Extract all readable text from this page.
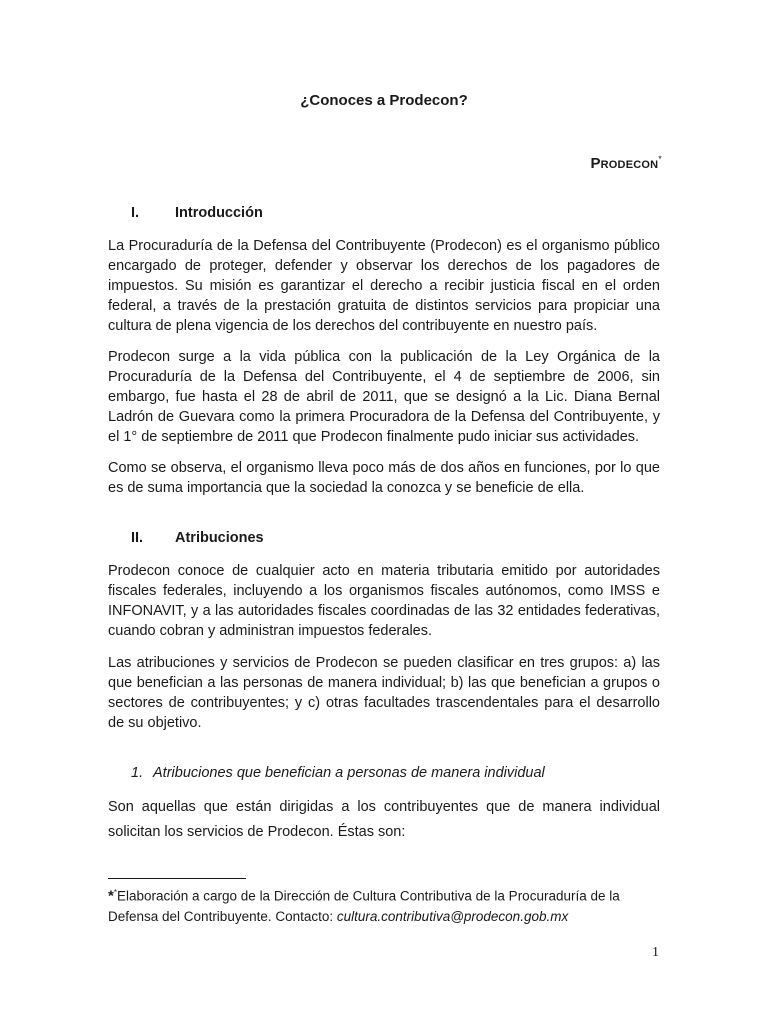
¿Conoces a Prodecon?
Prodecon*
I. Introducción

La Procuraduría de la Defensa del Contribuyente (Prodecon) es el organismo público encargado de proteger, defender y observar los derechos de los pagadores de impuestos. Su misión es garantizar el derecho a recibir justicia fiscal en el orden federal, a través de la prestación gratuita de distintos servicios para propiciar una cultura de plena vigencia de los derechos del contribuyente en nuestro país.

Prodecon surge a la vida pública con la publicación de la Ley Orgánica de la Procuraduría de la Defensa del Contribuyente, el 4 de septiembre de 2006, sin embargo, fue hasta el 28 de abril de 2011, que se designó a la Lic. Diana Bernal Ladrón de Guevara como la primera Procuradora de la Defensa del Contribuyente, y el 1° de septiembre de 2011 que Prodecon finalmente pudo iniciar sus actividades.

Como se observa, el organismo lleva poco más de dos años en funciones, por lo que es de suma importancia que la sociedad la conozca y se beneficie de ella.

II. Atribuciones

Prodecon conoce de cualquier acto en materia tributaria emitido por autoridades fiscales federales, incluyendo a los organismos fiscales autónomos, como IMSS e INFONAVIT, y a las autoridades fiscales coordinadas de las 32 entidades federativas, cuando cobran y administran impuestos federales.

Las atribuciones y servicios de Prodecon se pueden clasificar en tres grupos: a) las que benefician a las personas de manera individual; b) las que benefician a grupos o sectores de contribuyentes; y c) otras facultades trascendentales para el desarrollo de su objetivo.

1. Atribuciones que benefician a personas de manera individual

Son aquellas que están dirigidas a los contribuyentes que de manera individual solicitan los servicios de Prodecon. Éstas son:

**Elaboración a cargo de la Dirección de Cultura Contributiva de la Procuraduría de la Defensa del Contribuyente. Contacto: cultura.contributiva@prodecon.gob.mx
1
